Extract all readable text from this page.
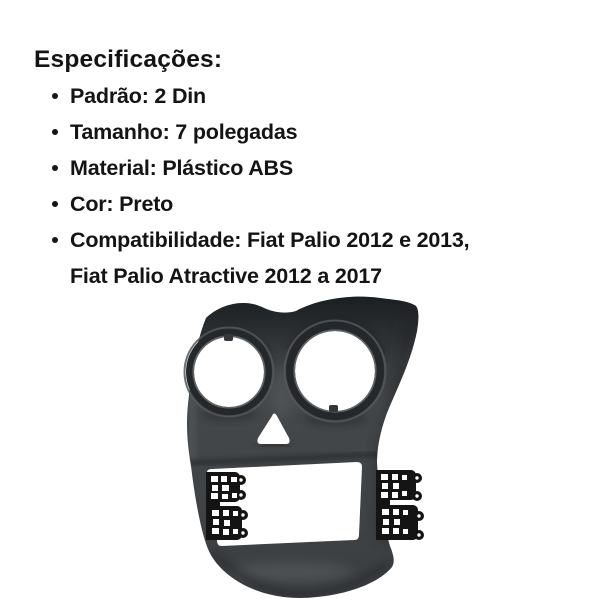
Especificações:
Padrão: 2 Din
Tamanho: 7 polegadas
Material: Plástico ABS
Cor: Preto
Compatibilidade: Fiat Palio 2012 e 2013,
Fiat Palio Atractive 2012 a 2017
